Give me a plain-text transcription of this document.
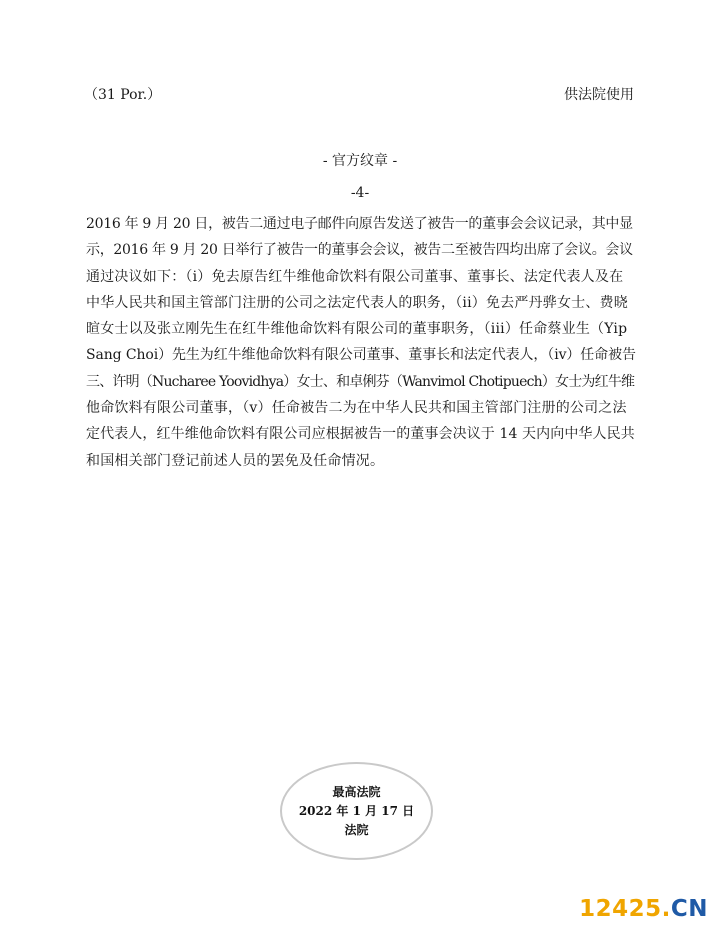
（31 Por.）	供法院使用
- 官方纹章 -
-4-
2016 年 9 月 20 日，被告二通过电子邮件向原告发送了被告一的董事会会议记录，其中显
示，2016 年 9 月 20 日举行了被告一的董事会会议，被告二至被告四均出席了会议。会议
通过决议如下：（i）免去原告红牛维他命饮料有限公司董事、董事长、法定代表人及在
中华人民共和国主管部门注册的公司之法定代表人的职务，（ii）免去严丹骅女士、费晓
暄女士以及张立刚先生在红牛维他命饮料有限公司的董事职务，（iii）任命蔡业生（Yip
Sang Choi）先生为红牛维他命饮料有限公司董事、董事长和法定代表人，（iv）任命被告
三、许明（Nucharee Yoovidhya）女士、和卓俐芬（Wanvimol Chotipuech）女士为红牛维
他命饮料有限公司董事，（v）任命被告二为在中华人民共和国主管部门注册的公司之法
定代表人，红牛维他命饮料有限公司应根据被告一的董事会决议于 14 天内向中华人民共
和国相关部门登记前述人员的罢免及任命情况。
最高法院
2022 年 1 月 17 日
法院
12425.CN
